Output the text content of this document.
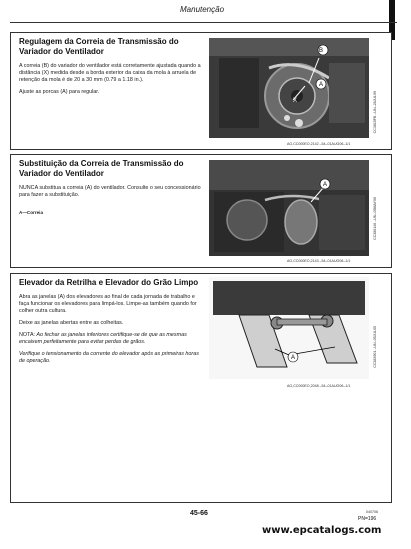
Manutenção

Regulagem da Correia de Transmissão do Variador do Ventilador

A correia (B) do variador do ventilador está corretamente ajustada quando a distância (X) medida desde a borda exterior da caixa da mola à arruela de retenção da mola é de 20 a 30 mm (0.79 a 1.18 in.).

Ajuste as porcas (A) para regular.

X
B
A
CC3815FB –UN–28JUL99
AG,CC000EO,2142 –54–01AUG06–1/1

Substituição da Correia de Transmissão do Variador do Ventilador

NUNCA substitua a correia (A) do ventilador. Consulte o seu concessionário para fazer a substituição.

A—Correia

A
CC386146 –UN–05MAY06
AG,CC000EO,2143 –54–01AUG06–1/1

Elevador da Retrilha e Elevador do Grão Limpo

Abra as janelas (A) dos elevadores ao final de cada jornada de trabalho e faça funcionar os elevadores para limpá-los. Limpe-as também quando for colher outra cultura.

Deixe as janelas abertas entre as colheitas.

NOTA: Ao fechar as janelas inferiores certifique-se de que as mesmas encaixem perfeitamente para evitar perdas de grãos.

Verifique o tensionamento da corrente do elevador após as primeiras horas de operação.	A	CC383901 –UN–05JUL05
AG,CC000EO,2048 –54–01AUG06–1/1
45-66	040706
PN=196
www.epcatalogs.com
